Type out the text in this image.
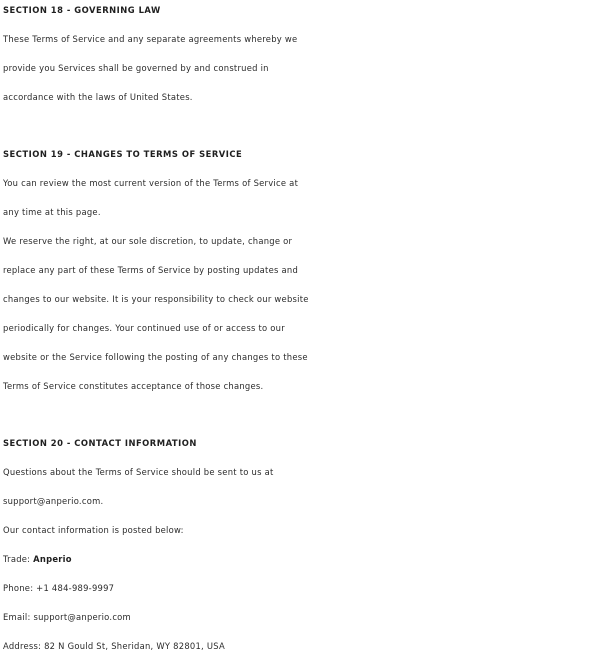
SECTION 18 - GOVERNING LAW
These Terms of Service and any separate agreements whereby we
provide you Services shall be governed by and construed in
accordance with the laws of United States.
SECTION 19 - CHANGES TO TERMS OF SERVICE
You can review the most current version of the Terms of Service at
any time at this page.
We reserve the right, at our sole discretion, to update, change or
replace any part of these Terms of Service by posting updates and
changes to our website. It is your responsibility to check our website
periodically for changes. Your continued use of or access to our
website or the Service following the posting of any changes to these
Terms of Service constitutes acceptance of those changes.
SECTION 20 - CONTACT INFORMATION
Questions about the Terms of Service should be sent to us at
support@anperio.com.
Our contact information is posted below:
Trade: Anperio
Phone: +1 484-989-9997
Email: support@anperio.com
Address: 82 N Gould St, Sheridan, WY 82801, USA
